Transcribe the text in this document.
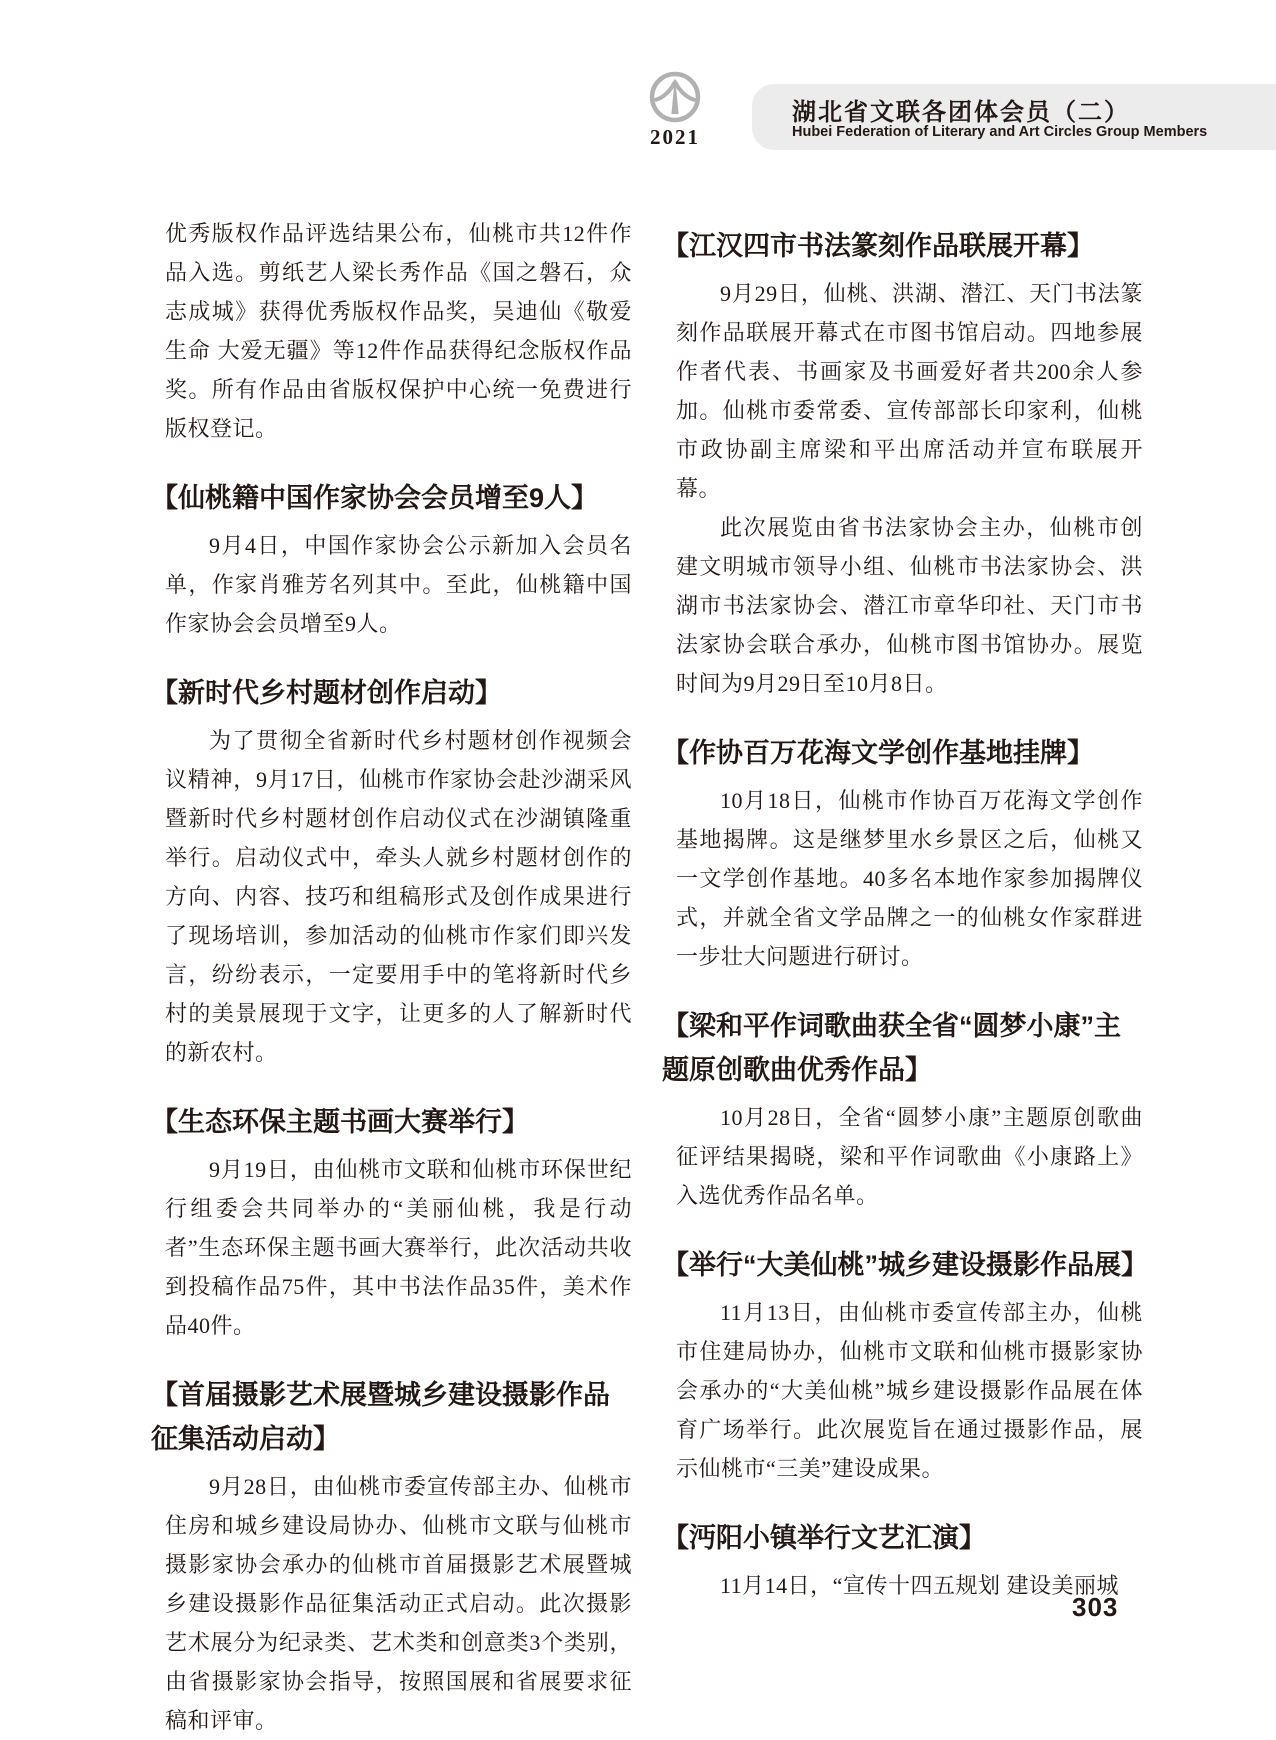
2021
湖北省文联各团体会员（二）
Hubei Federation of Literary and Art Circles Group Members

优秀版权作品评选结果公布，仙桃市共12件作品入选。剪纸艺人梁长秀作品《国之磐石，众志成城》获得优秀版权作品奖，吴迪仙《敬爱生命 大爱无疆》等12件作品获得纪念版权作品奖。所有作品由省版权保护中心统一免费进行版权登记。

【仙桃籍中国作家协会会员增至9人】

9月4日，中国作家协会公示新加入会员名单，作家肖雅芳名列其中。至此，仙桃籍中国作家协会会员增至9人。

【新时代乡村题材创作启动】

为了贯彻全省新时代乡村题材创作视频会议精神，9月17日，仙桃市作家协会赴沙湖采风暨新时代乡村题材创作启动仪式在沙湖镇隆重举行。启动仪式中，牵头人就乡村题材创作的方向、内容、技巧和组稿形式及创作成果进行了现场培训，参加活动的仙桃市作家们即兴发言，纷纷表示，一定要用手中的笔将新时代乡村的美景展现于文字，让更多的人了解新时代的新农村。

【生态环保主题书画大赛举行】

9月19日，由仙桃市文联和仙桃市环保世纪行组委会共同举办的“美丽仙桃，我是行动者”生态环保主题书画大赛举行，此次活动共收到投稿作品75件，其中书法作品35件，美术作品40件。

【首届摄影艺术展暨城乡建设摄影作品征集活动启动】

9月28日，由仙桃市委宣传部主办、仙桃市住房和城乡建设局协办、仙桃市文联与仙桃市摄影家协会承办的仙桃市首届摄影艺术展暨城乡建设摄影作品征集活动正式启动。此次摄影艺术展分为纪录类、艺术类和创意类3个类别，由省摄影家协会指导，按照国展和省展要求征稿和评审。

【江汉四市书法篆刻作品联展开幕】

9月29日，仙桃、洪湖、潜江、天门书法篆刻作品联展开幕式在市图书馆启动。四地参展作者代表、书画家及书画爱好者共200余人参加。仙桃市委常委、宣传部部长印家利，仙桃市政协副主席梁和平出席活动并宣布联展开幕。

此次展览由省书法家协会主办，仙桃市创建文明城市领导小组、仙桃市书法家协会、洪湖市书法家协会、潜江市章华印社、天门市书法家协会联合承办，仙桃市图书馆协办。展览时间为9月29日至10月8日。

【作协百万花海文学创作基地挂牌】

10月18日，仙桃市作协百万花海文学创作基地揭牌。这是继梦里水乡景区之后，仙桃又一文学创作基地。40多名本地作家参加揭牌仪式，并就全省文学品牌之一的仙桃女作家群进一步壮大问题进行研讨。

【梁和平作词歌曲获全省“圆梦小康”主题原创歌曲优秀作品】

10月28日，全省“圆梦小康”主题原创歌曲征评结果揭晓，梁和平作词歌曲《小康路上》入选优秀作品名单。

【举行“大美仙桃”城乡建设摄影作品展】

11月13日，由仙桃市委宣传部主办，仙桃市住建局协办，仙桃市文联和仙桃市摄影家协会承办的“大美仙桃”城乡建设摄影作品展在体育广场举行。此次展览旨在通过摄影作品，展示仙桃市“三美”建设成果。

【沔阳小镇举行文艺汇演】

11月14日，“宣传十四五规划 建设美丽城

303
